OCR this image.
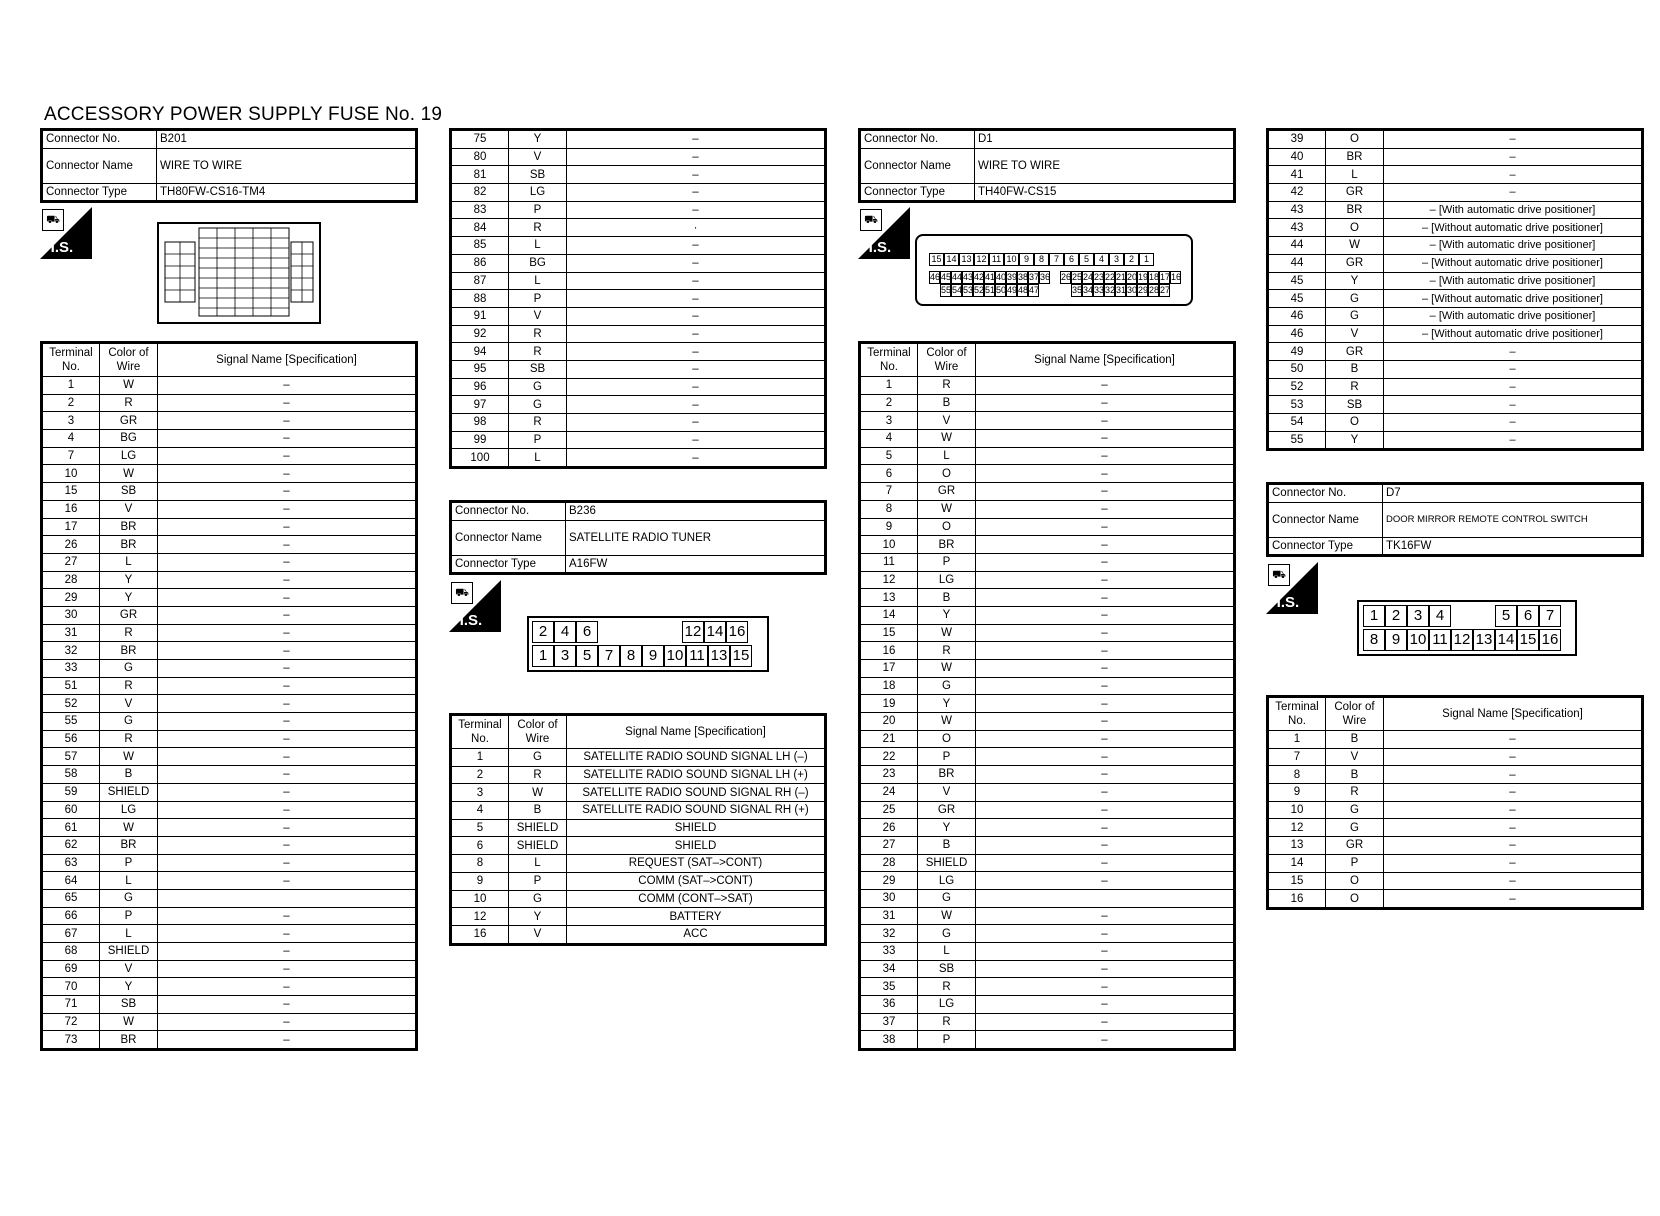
ACCESSORY POWER SUPPLY FUSE No. 19
Connector No.	B201
Connector Name	WIRE TO WIRE
Connector Type	TH80FW-CS16-TM4
⛟
H.S.
Terminal No.	Color of Wire	Signal Name [Specification]
1	W	–
2	R	–
3	GR	–
4	BG	–
7	LG	–
10	W	–
15	SB	–
16	V	–
17	BR	–
26	BR	–
27	L	–
28	Y	–
29	Y	–
30	GR	–
31	R	–
32	BR	–
33	G	–
51	R	–
52	V	–
55	G	–
56	R	–
57	W	–
58	B	–
59	SHIELD	–
60	LG	–
61	W	–
62	BR	–
63	P	–
64	L	–
65	G	
66	P	–
67	L	–
68	SHIELD	–
69	V	–
70	Y	–
71	SB	–
72	W	–
73	BR	–
75	Y	–
80	V	–
81	SB	–
82	LG	–
83	P	–
84	R	·
85	L	–
86	BG	–
87	L	–
88	P	–
91	V	–
92	R	–
94	R	–
95	SB	–
96	G	–
97	G	–
98	R	–
99	P	–
100	L	–
Connector No.	B236
Connector Name	SATELLITE RADIO TUNER
Connector Type	A16FW
⛟
H.S.
2 4 6	12 14 16
1 3 5 7 8 9 10 11 13 15
Terminal No.	Color of Wire	Signal Name [Specification]
1	G	SATELLITE RADIO SOUND SIGNAL LH (–)
2	R	SATELLITE RADIO SOUND SIGNAL LH (+)
3	W	SATELLITE RADIO SOUND SIGNAL RH (–)
4	B	SATELLITE RADIO SOUND SIGNAL RH (+)
5	SHIELD	SHIELD
6	SHIELD	SHIELD
8	L	REQUEST (SAT–>CONT)
9	P	COMM (SAT–>CONT)
10	G	COMM (CONT–>SAT)
12	Y	BATTERY
16	V	ACC
Connector No.	D1
Connector Name	WIRE TO WIRE
Connector Type	TH40FW-CS15
⛟
H.S.
15 14 13 12 11 10 9 8 7 6 5 4 3 2 1
4645444342414039383736 2625242322212019181716
555453525150494847	353433323130292827
Terminal No.	Color of Wire	Signal Name [Specification]
1	R	–
2	B	–
3	V	–
4	W	–
5	L	–
6	O	–
7	GR	–
8	W	–
9	O	–
10	BR	–
11	P	–
12	LG	–
13	B	–
14	Y	–
15	W	–
16	R	–
17	W	–
18	G	–
19	Y	–
20	W	–
21	O	–
22	P	–
23	BR	–
24	V	–
25	GR	–
26	Y	–
27	B	–
28	SHIELD	–
29	LG	–
30	G	
31	W	–
32	G	–
33	L	–
34	SB	–
35	R	–
36	LG	–
37	R	–
38	P	–
39	O	–
40	BR	–
41	L	–
42	GR	–
43	BR	– [With automatic drive positioner]
43	O	– [Without automatic drive positioner]
44	W	– [With automatic drive positioner]
44	GR	– [Without automatic drive positioner]
45	Y	– [With automatic drive positioner]
45	G	– [Without automatic drive positioner]
46	G	– [With automatic drive positioner]
46	V	– [Without automatic drive positioner]
49	GR	–
50	B	–
52	R	–
53	SB	–
54	O	–
55	Y	–
Connector No.	D7
Connector Name	DOOR MIRROR REMOTE CONTROL SWITCH
Connector Type	TK16FW
⛟
H.S.
1 2 3 4	5 6 7
8 9 10 11 12 13 14 15 16
Terminal No.	Color of Wire	Signal Name [Specification]
1	B	–
7	V	–
8	B	–
9	R	–
10	G	–
12	G	–
13	GR	–
14	P	–
15	O	–
16	O	–
